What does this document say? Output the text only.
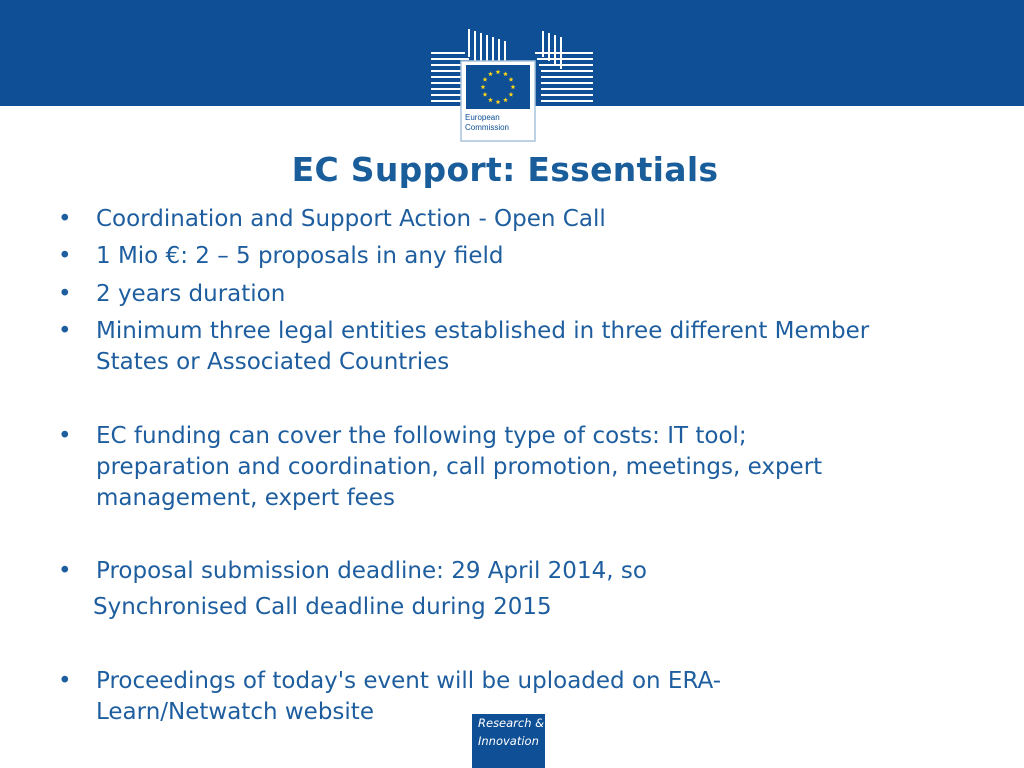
European
Commission
EC Support: Essentials
• Coordination and Support Action - Open Call
• 1 Mio €: 2 – 5 proposals in any field
• 2 years duration
• Minimum three legal entities established in three different Member
States or Associated Countries
• EC funding can cover the following type of costs: IT tool;
preparation and coordination, call promotion, meetings, expert
management, expert fees
• Proposal submission deadline: 29 April 2014, so
Synchronised Call deadline during 2015
• Proceedings of today's event will be uploaded on ERA-
Learn/Netwatch website	Research &
Innovation
